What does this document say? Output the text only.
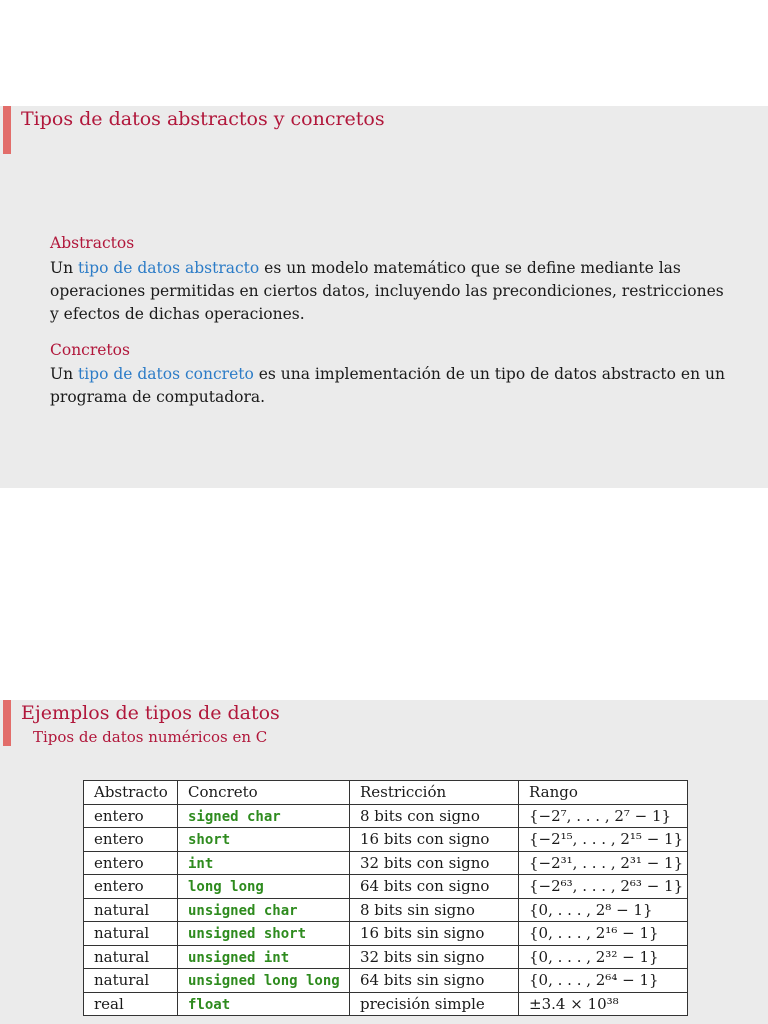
Tipos de datos abstractos y concretos
Abstractos

Un tipo de datos abstracto es un modelo matemático que se define mediante las operaciones permitidas en ciertos datos, incluyendo las precondiciones, restricciones y efectos de dichas operaciones.

Concretos

Un tipo de datos concreto es una implementación de un tipo de datos abstracto en un programa de computadora.

Ejemplos de tipos de datos
Tipos de datos numéricos en C
Abstracto	Concreto	Restricción	Rango
entero	signed char	8 bits con signo	{−2⁷, . . . , 2⁷ − 1}
entero	short	16 bits con signo	{−2¹⁵, . . . , 2¹⁵ − 1}
entero	int	32 bits con signo	{−2³¹, . . . , 2³¹ − 1}
entero	long long	64 bits con signo	{−2⁶³, . . . , 2⁶³ − 1}
natural	unsigned char	8 bits sin signo	{0, . . . , 2⁸ − 1}
natural	unsigned short	16 bits sin signo	{0, . . . , 2¹⁶ − 1}
natural	unsigned int	32 bits sin signo	{0, . . . , 2³² − 1}
natural	unsigned long long	64 bits sin signo	{0, . . . , 2⁶⁴ − 1}
real	float	precisión simple	±3.4 × 10³⁸
